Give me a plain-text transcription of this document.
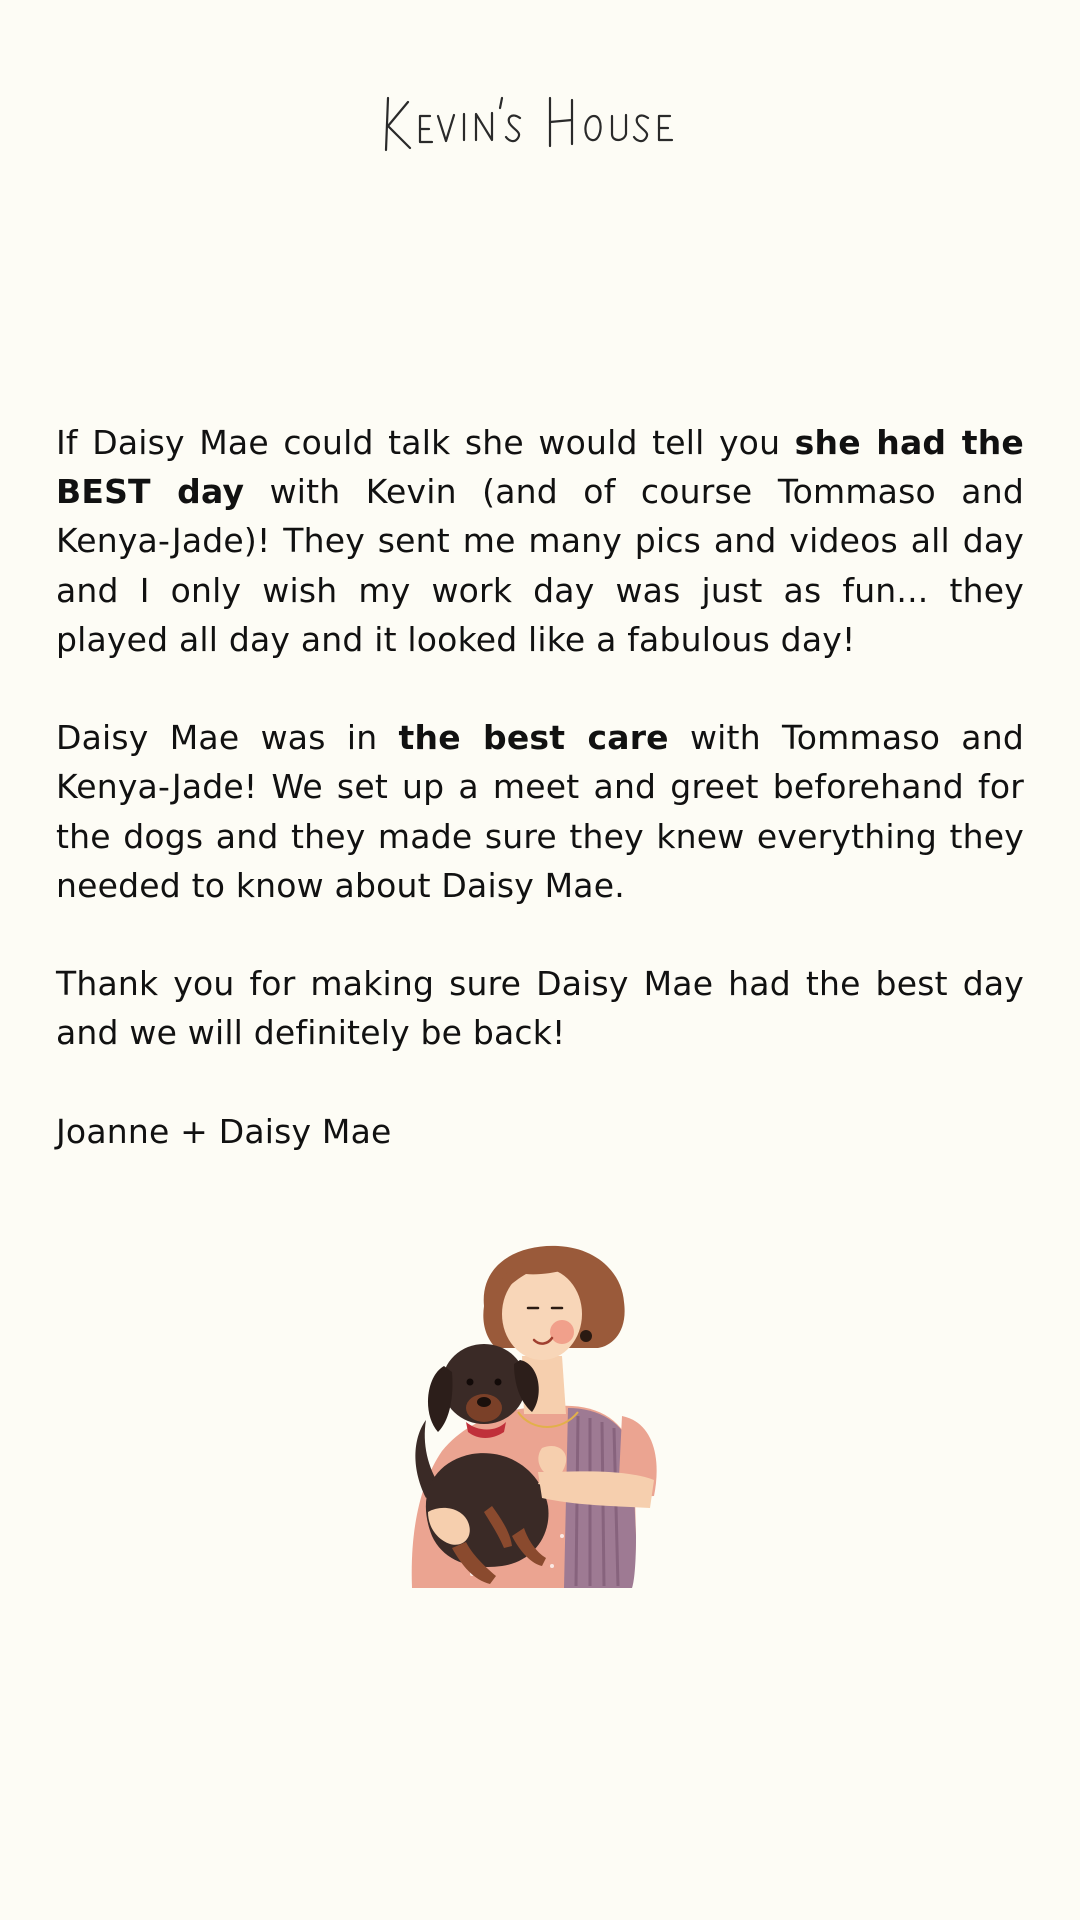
If Daisy Mae could talk she would tell you she had the BEST day with Kevin (and of course Tommaso and Kenya-Jade)! They sent me many pics and videos all day and I only wish my work day was just as fun... they played all day and it looked like a fabulous day!

Daisy Mae was in the best care with Tommaso and Kenya-Jade! We set up a meet and greet beforehand for the dogs and they made sure they knew everything they needed to know about Daisy Mae.

Thank you for making sure Daisy Mae had the best day and we will definitely be back!

Joanne + Daisy Mae
